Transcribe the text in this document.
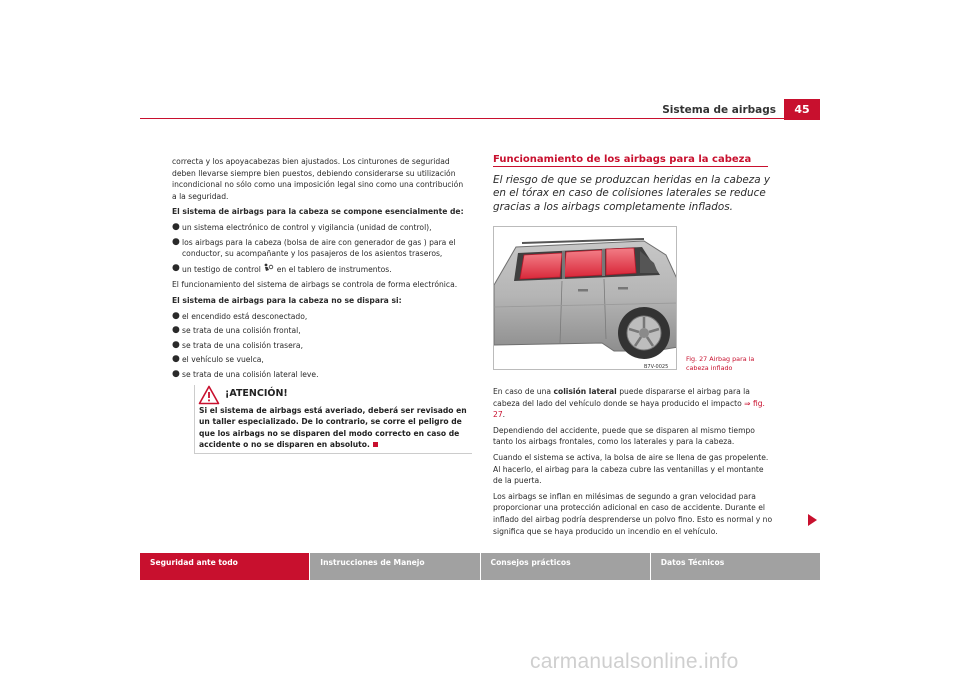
Sistema de airbags	45

correcta y los apoyacabezas bien ajustados. Los cinturones de seguridad deben llevarse siempre bien puestos, debiendo considerarse su utilización incondicional no sólo como una imposición legal sino como una contribución a la seguridad.

El sistema de airbags para la cabeza se compone esencialmente de:

● un sistema electrónico de control y vigilancia (unidad de control),
● los airbags para la cabeza (bolsa de aire con generador de gas ) para el conductor, su acompañante y los pasajeros de los asientos traseros,
● un testigo de control en el tablero de instrumentos.

El funcionamiento del sistema de airbags se controla de forma electrónica.

El sistema de airbags para la cabeza no se dispara si:

● el encendido está desconectado,
● se trata de una colisión frontal,
● se trata de una colisión trasera,
● el vehículo se vuelca,
● se trata de una colisión lateral leve.
¡ATENCIÓN!
Si el sistema de airbags está averiado, deberá ser revisado en un taller especializado. De lo contrario, se corre el peligro de que los airbags no se disparen del modo correcto en caso de accidente o no se disparen en absoluto.
Funcionamiento de los airbags para la cabeza
El riesgo de que se produzcan heridas en la cabeza y en el tórax en caso de colisiones laterales se reduce gracias a los airbags completamente inflados.
B7V-0025
Fig. 27 Airbag para la cabeza inflado

En caso de una colisión lateral puede dispararse el airbag para la cabeza del lado del vehículo donde se haya producido el impacto ⇒ fig. 27.

Dependiendo del accidente, puede que se disparen al mismo tiempo tanto los airbags frontales, como los laterales y para la cabeza.

Cuando el sistema se activa, la bolsa de aire se llena de gas propelente. Al hacerlo, el airbag para la cabeza cubre las ventanillas y el montante de la puerta.

Los airbags se inflan en milésimas de segundo a gran velocidad para proporcionar una protección adicional en caso de accidente. Durante el inflado del airbag podría desprenderse un polvo fino. Esto es normal y no significa que se haya producido un incendio en el vehículo.

Seguridad ante todo	Instrucciones de Manejo	Consejos prácticos	Datos Técnicos
carmanualsonline.info
